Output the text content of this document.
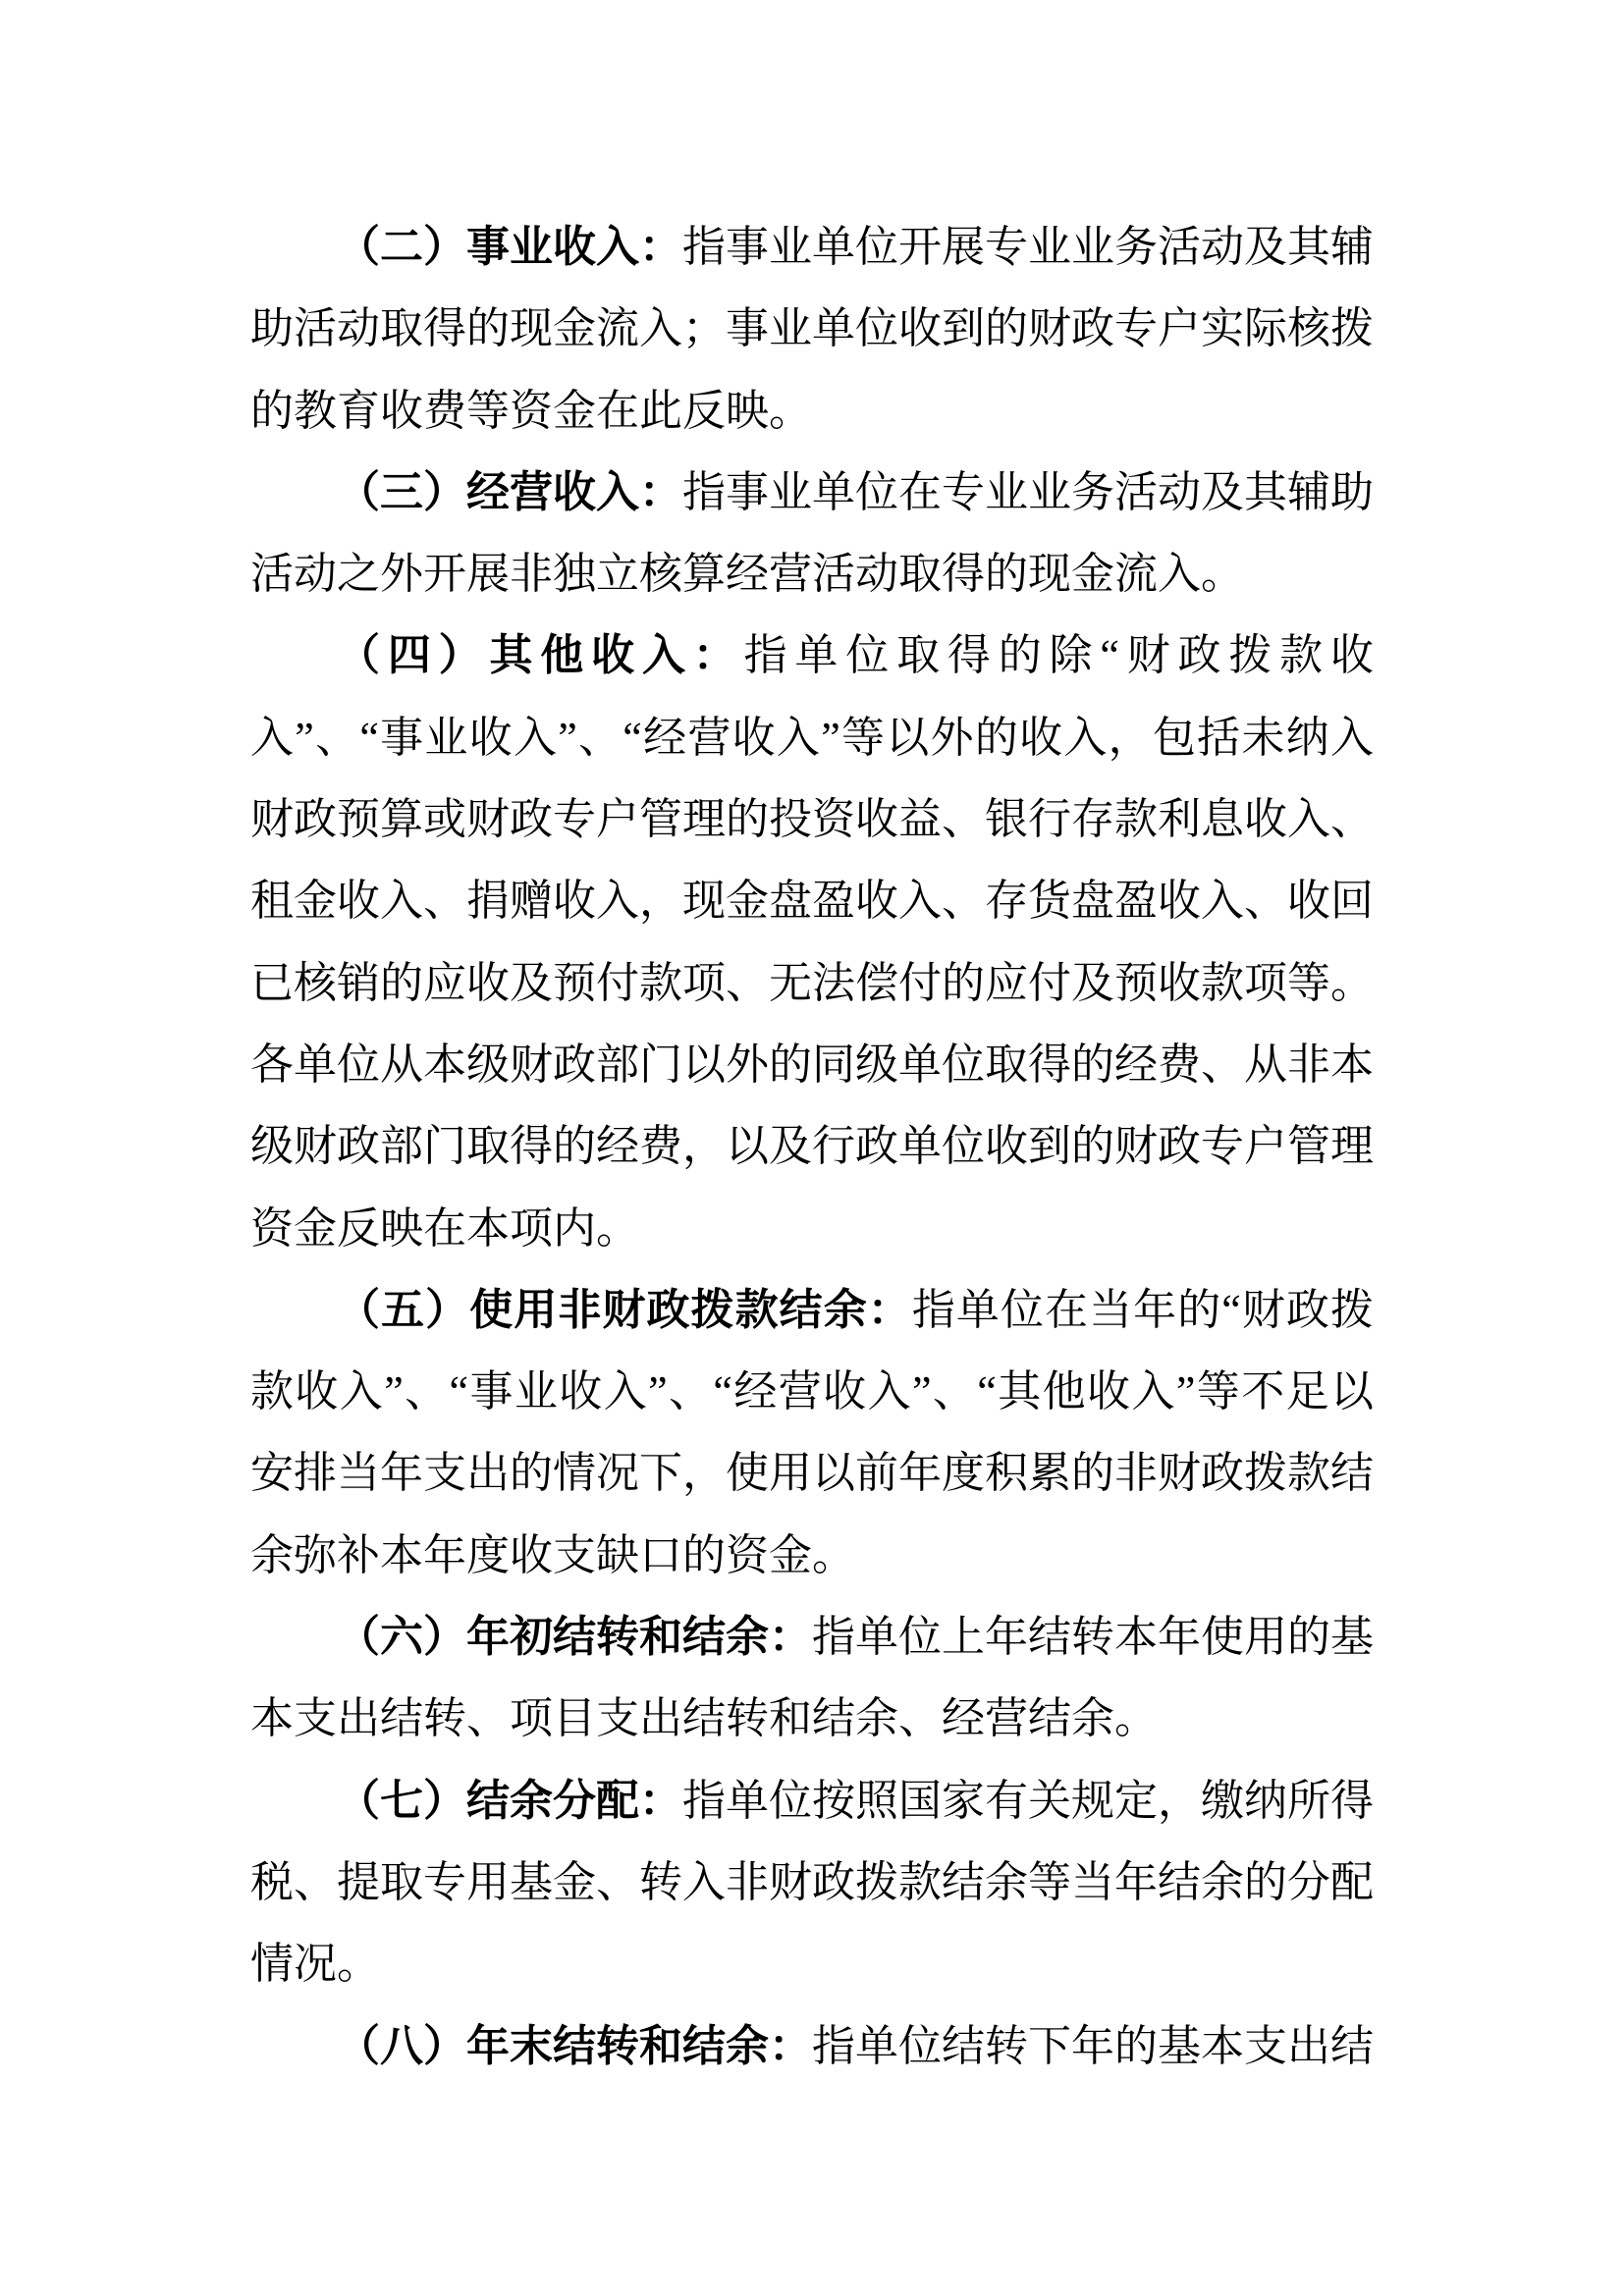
（二）事业收入：指事业单位开展专业业务活动及其辅助活动取得的现金流入；事业单位收到的财政专户实际核拨的教育收费等资金在此反映。

（三）经营收入：指事业单位在专业业务活动及其辅助活动之外开展非独立核算经营活动取得的现金流入。

（四）其他收入：指单位取得的除“财政拨款收入”、“事业收入”、“经营收入”等以外的收入，包括未纳入财政预算或财政专户管理的投资收益、银行存款利息收入、租金收入、捐赠收入，现金盘盈收入、存货盘盈收入、收回已核销的应收及预付款项、无法偿付的应付及预收款项等。各单位从本级财政部门以外的同级单位取得的经费、从非本级财政部门取得的经费，以及行政单位收到的财政专户管理资金反映在本项内。

（五）使用非财政拨款结余：指单位在当年的“财政拨款收入”、“事业收入”、“经营收入”、“其他收入”等不足以安排当年支出的情况下，使用以前年度积累的非财政拨款结余弥补本年度收支缺口的资金。

（六）年初结转和结余：指单位上年结转本年使用的基本支出结转、项目支出结转和结余、经营结余。

（七）结余分配：指单位按照国家有关规定，缴纳所得税、提取专用基金、转入非财政拨款结余等当年结余的分配情况。

（八）年末结转和结余：指单位结转下年的基本支出结
